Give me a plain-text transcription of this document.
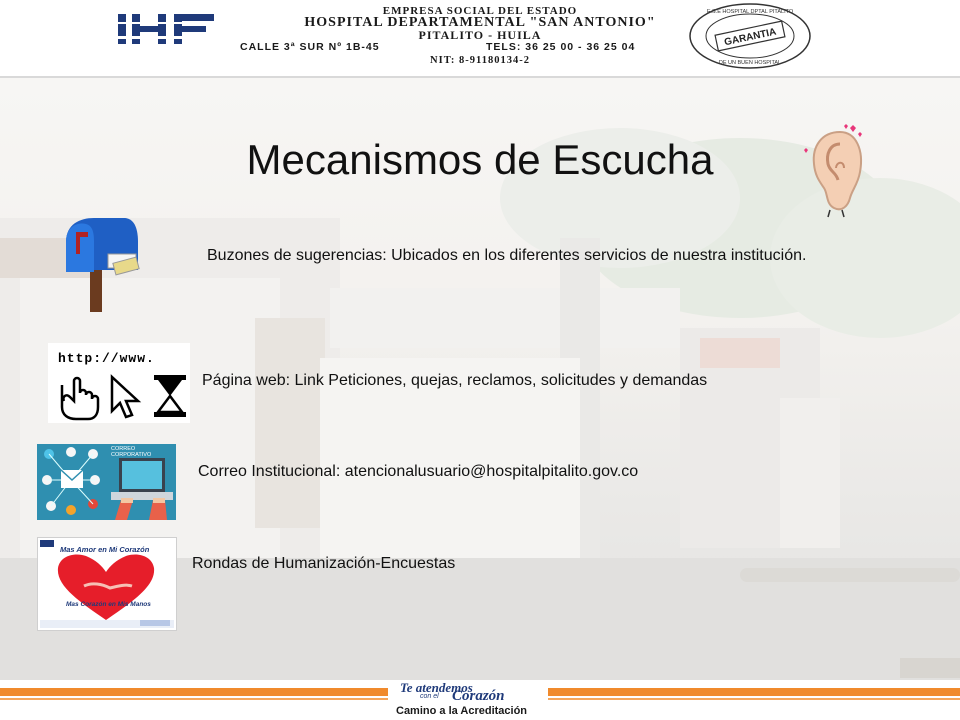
EMPRESA SOCIAL DEL ESTADO
HOSPITAL DEPARTAMENTAL "SAN ANTONIO"
PITALITO - HUILA
CALLE 3ª SUR Nº 1B-45	TELS: 36 25 00 - 36 25 04
NIT: 8-91180134-2
GARANTIA
E.S.E HOSPITAL DPTAL PITALITO
DE UN BUEN HOSPITAL
Mecanismos de Escucha
Buzones de sugerencias: Ubicados en los diferentes servicios de nuestra institución.
http://www.
Página web: Link Peticiones, quejas, reclamos, solicitudes y demandas
CORREO CORPORATIVO
Correo Institucional: atencionalusuario@hospitalpitalito.gov.co
Mas Amor en Mi Corazón
Mas Corazón en Mis Manos
Rondas de Humanización-Encuestas
Te atendemos
con el Corazón
Camino a la Acreditación
